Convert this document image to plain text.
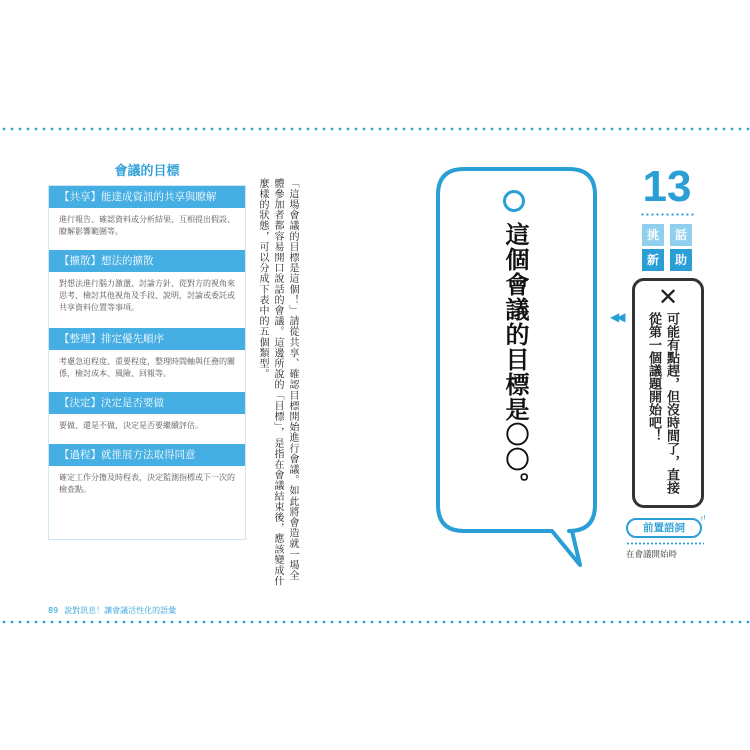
會議的目標
【共享】能達成資訊的共享與瞭解
進行報告、確認資料或分析結果、互相提出假設、瞭解影響範圍等。
【擴散】想法的擴散
對想法進行腦力激盪、討論方針、從對方的視角來思考、檢討其他視角及手段、說明，討論或委託或共享資料位置等事項。
【整理】排定優先順序
考慮急迫程度、重要程度，整理時間軸與任務的關係，檢討成本、風險、回報等。
【決定】決定是否要做
要做、還是不做，決定是否要繼續評估。
【過程】就推展方法取得同意
確定工作分擔及時程表，決定監測指標或下一次的檢查點。	「這場會議的目標是這個！」請從共享、確認目標開始進行會議。如此將會造就一場全體參加者都容易開口說話的會議。這邊所說的「目標」，是指在會議結束後，應該變成什麼樣的狀態，可以分成下表中的五個類型。	這個會議的目標是〇〇。
13
挑	話
新	助
◀◀
✕
可能有點趕，但沒時間了，直接從第一個議題開始吧！
〃
前置語詞
在會議開始時
89 說對訊息！讓會議活性化的語彙
